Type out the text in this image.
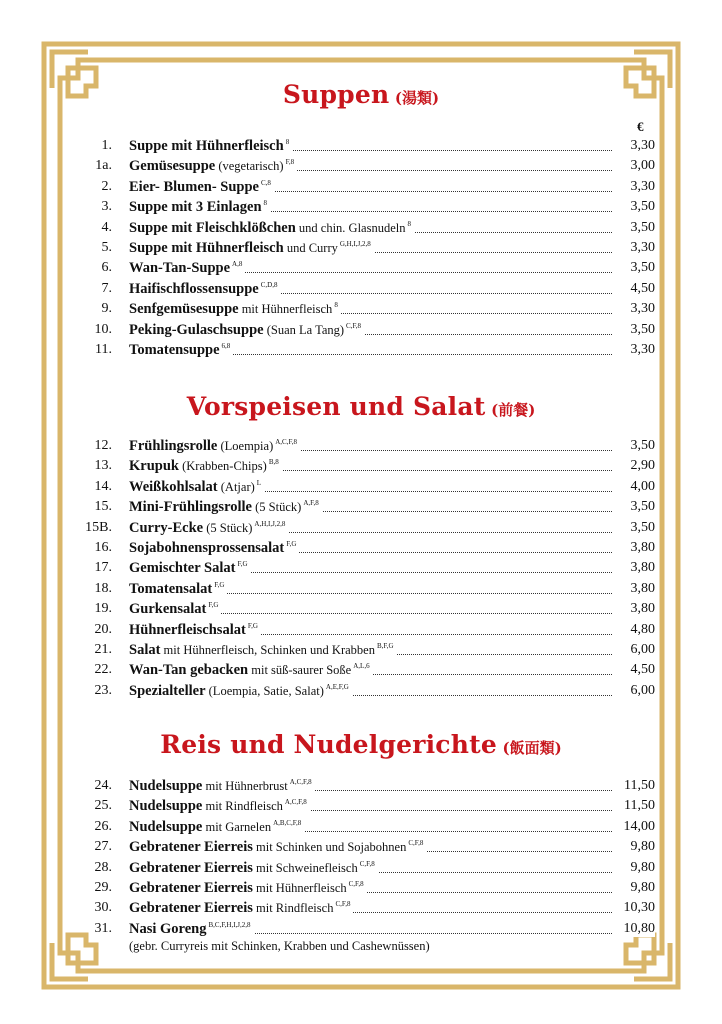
€
Suppen (湯類)
1. Suppe mit Hühnerfleisch $^8$	3,30
1a. Gemüsesuppe (vegetarisch) $^{F,8}$	3,00
2. Eier- Blumen- Suppe $^{C,8}$	3,30
3. Suppe mit 3 Einlagen $^8$	3,50
4. Suppe mit Fleischklößchen und chin. Glasnudeln $^8$	3,50
5. Suppe mit Hühnerfleisch und Curry $^{G,H,I,J,2,8}$	3,30
6. Wan-Tan-Suppe $^{A,8}$	3,50
7. Haifischflossensuppe $^{C,D,8}$	4,50
9. Senfgemüsesuppe mit Hühnerfleisch $^8$	3,30
10. Peking-Gulaschsuppe (Suan La Tang) $^{C,F,8}$	3,50
11. Tomatensuppe $^{6,8}$	3,30
Vorspeisen und Salat (前餐)
12. Frühlingsrolle (Loempia) $^{A,C,F,8}$	3,50
13. Krupuk (Krabben-Chips) $^{B,8}$	2,90
14. Weißkohlsalat (Atjar) $^L$	4,00
15. Mini-Frühlingsrolle (5 Stück) $^{A,F,8}$	3,50
15B. Curry-Ecke (5 Stück) $^{A,H,I,J,2,8}$	3,50
16. Sojabohnensprossensalat $^{F,G}$	3,80
17. Gemischter Salat $^{F,G}$	3,80
18. Tomatensalat $^{F,G}$	3,80
19. Gurkensalat $^{F,G}$	3,80
20. Hühnerfleischsalat $^{F,G}$	4,80
21. Salat mit Hühnerfleisch, Schinken und Krabben $^{B,F,G}$	6,00
22. Wan-Tan gebacken mit süß-saurer Soße $^{A,L,6}$	4,50
23. Spezialteller (Loempia, Satie, Salat) $^{A,E,F,G}$	6,00
Reis und Nudelgerichte (飯面類)
24. Nudelsuppe mit Hühnerbrust $^{A,C,F,8}$	11,50
25. Nudelsuppe mit Rindfleisch $^{A,C,F,8}$	11,50
26. Nudelsuppe mit Garnelen $^{A,B,C,F,8}$	14,00
27. Gebratener Eierreis mit Schinken und Sojabohnen $^{C,F,8}$	9,80
28. Gebratener Eierreis mit Schweinefleisch $^{C,F,8}$	9,80
29. Gebratener Eierreis mit Hühnerfleisch $^{C,F,8}$	9,80
30. Gebratener Eierreis mit Rindfleisch $^{C,F,8}$	10,30
31. Nasi Goreng $^{B,C,F,H,I,J,2,8}$	10,80
(gebr. Curryreis mit Schinken, Krabben und Cashewnüssen)
